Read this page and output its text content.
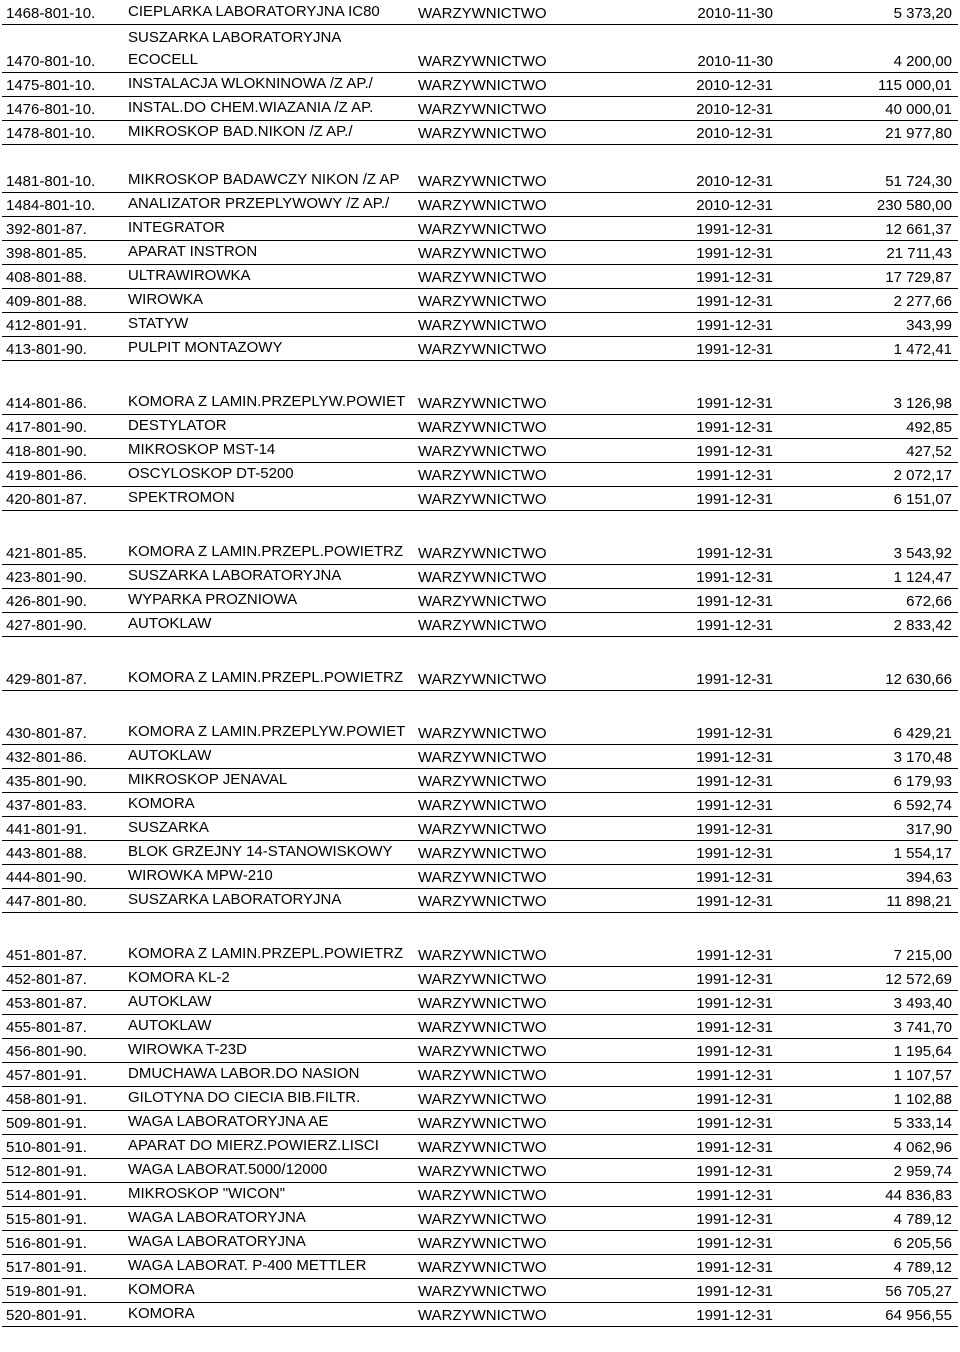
1468-801-10.	CIEPLARKA LABORATORYJNA IC80	WARZYWNICTWO	2010-11-30	5 373,20
1470-801-10.	SUSZARKA LABORATORYJNA ECOCELL	WARZYWNICTWO	2010-11-30	4 200,00
1475-801-10.	INSTALACJA WLOKNINOWA /Z AP./	WARZYWNICTWO	2010-12-31	115 000,01
1476-801-10.	INSTAL.DO CHEM.WIAZANIA /Z AP.	WARZYWNICTWO	2010-12-31	40 000,01
1478-801-10.	MIKROSKOP BAD.NIKON /Z AP./	WARZYWNICTWO	2010-12-31	21 977,80
1481-801-10.	MIKROSKOP BADAWCZY NIKON /Z AP	WARZYWNICTWO	2010-12-31	51 724,30
1484-801-10.	ANALIZATOR PRZEPLYWOWY /Z AP./	WARZYWNICTWO	2010-12-31	230 580,00
392-801-87.	INTEGRATOR	WARZYWNICTWO	1991-12-31	12 661,37
398-801-85.	APARAT INSTRON	WARZYWNICTWO	1991-12-31	21 711,43
408-801-88.	ULTRAWIROWKA	WARZYWNICTWO	1991-12-31	17 729,87
409-801-88.	WIROWKA	WARZYWNICTWO	1991-12-31	2 277,66
412-801-91.	STATYW	WARZYWNICTWO	1991-12-31	343,99
413-801-90.	PULPIT MONTAZOWY	WARZYWNICTWO	1991-12-31	1 472,41
414-801-86.	KOMORA Z LAMIN.PRZEPLYW.POWIET	WARZYWNICTWO	1991-12-31	3 126,98
417-801-90.	DESTYLATOR	WARZYWNICTWO	1991-12-31	492,85
418-801-90.	MIKROSKOP MST-14	WARZYWNICTWO	1991-12-31	427,52
419-801-86.	OSCYLOSKOP DT-5200	WARZYWNICTWO	1991-12-31	2 072,17
420-801-87.	SPEKTROMON	WARZYWNICTWO	1991-12-31	6 151,07
421-801-85.	KOMORA Z LAMIN.PRZEPL.POWIETRZ	WARZYWNICTWO	1991-12-31	3 543,92
423-801-90.	SUSZARKA LABORATORYJNA	WARZYWNICTWO	1991-12-31	1 124,47
426-801-90.	WYPARKA PROZNIOWA	WARZYWNICTWO	1991-12-31	672,66
427-801-90.	AUTOKLAW	WARZYWNICTWO	1991-12-31	2 833,42
429-801-87.	KOMORA Z LAMIN.PRZEPL.POWIETRZ	WARZYWNICTWO	1991-12-31	12 630,66
430-801-87.	KOMORA Z LAMIN.PRZEPLYW.POWIET	WARZYWNICTWO	1991-12-31	6 429,21
432-801-86.	AUTOKLAW	WARZYWNICTWO	1991-12-31	3 170,48
435-801-90.	MIKROSKOP JENAVAL	WARZYWNICTWO	1991-12-31	6 179,93
437-801-83.	KOMORA	WARZYWNICTWO	1991-12-31	6 592,74
441-801-91.	SUSZARKA	WARZYWNICTWO	1991-12-31	317,90
443-801-88.	BLOK GRZEJNY 14-STANOWISKOWY	WARZYWNICTWO	1991-12-31	1 554,17
444-801-90.	WIROWKA MPW-210	WARZYWNICTWO	1991-12-31	394,63
447-801-80.	SUSZARKA LABORATORYJNA	WARZYWNICTWO	1991-12-31	11 898,21
451-801-87.	KOMORA Z LAMIN.PRZEPL.POWIETRZ	WARZYWNICTWO	1991-12-31	7 215,00
452-801-87.	KOMORA KL-2	WARZYWNICTWO	1991-12-31	12 572,69
453-801-87.	AUTOKLAW	WARZYWNICTWO	1991-12-31	3 493,40
455-801-87.	AUTOKLAW	WARZYWNICTWO	1991-12-31	3 741,70
456-801-90.	WIROWKA T-23D	WARZYWNICTWO	1991-12-31	1 195,64
457-801-91.	DMUCHAWA LABOR.DO NASION	WARZYWNICTWO	1991-12-31	1 107,57
458-801-91.	GILOTYNA DO CIECIA BIB.FILTR.	WARZYWNICTWO	1991-12-31	1 102,88
509-801-91.	WAGA LABORATORYJNA AE	WARZYWNICTWO	1991-12-31	5 333,14
510-801-91.	APARAT DO MIERZ.POWIERZ.LISCI	WARZYWNICTWO	1991-12-31	4 062,96
512-801-91.	WAGA LABORAT.5000/12000	WARZYWNICTWO	1991-12-31	2 959,74
514-801-91.	MIKROSKOP "WICON"	WARZYWNICTWO	1991-12-31	44 836,83
515-801-91.	WAGA LABORATORYJNA	WARZYWNICTWO	1991-12-31	4 789,12
516-801-91.	WAGA LABORATORYJNA	WARZYWNICTWO	1991-12-31	6 205,56
517-801-91.	WAGA LABORAT. P-400 METTLER	WARZYWNICTWO	1991-12-31	4 789,12
519-801-91.	KOMORA	WARZYWNICTWO	1991-12-31	56 705,27
520-801-91.	KOMORA	WARZYWNICTWO	1991-12-31	64 956,55
